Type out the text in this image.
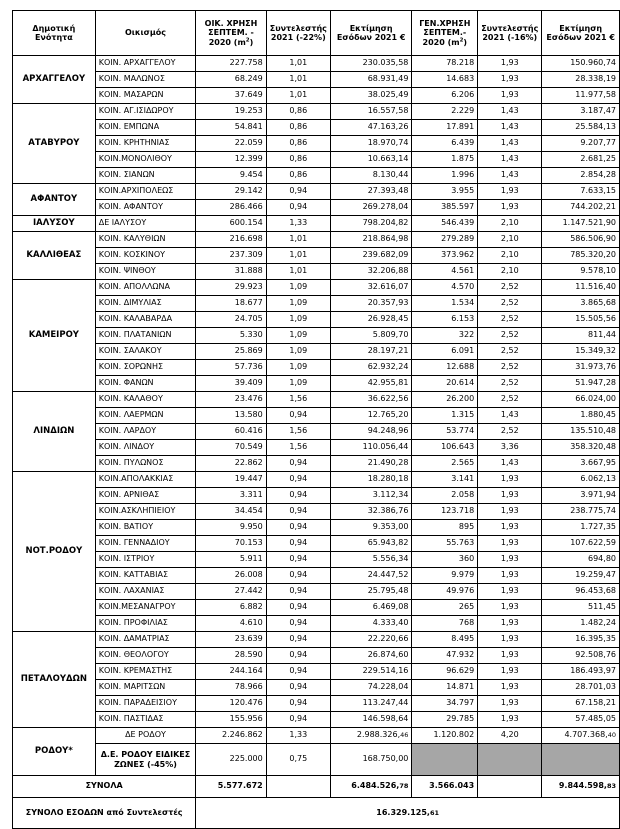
Δημοτική Ενότητα	Οικισμός	ΟΙΚ. ΧΡΗΣΗ ΣΕΠΤΕΜ. - 2020 $(m^2)$	Συντελεστής 2021 (-22%)	Εκτίμηση Εσόδων 2021 €	ΓΕΝ.ΧΡΗΣΗ ΣΕΠΤΕΜ.- 2020 $(m^2)$	Συντελεστής 2021 (-16%)	Εκτίμηση Εσόδων 2021 €
ΑΡΧΑΓΓΕΛΟΥ	ΚΟΙΝ. ΑΡΧΑΓΓΕΛΟΥ	227.758	1,01	230.035,58	78.218	1,93	150.960,74
	ΚΟΙΝ. ΜΑΛΩΝΟΣ	68.249	1,01	68.931,49	14.683	1,93	28.338,19
	ΚΟΙΝ. ΜΑΣΑΡΩΝ	37.649	1,01	38.025,49	6.206	1,93	11.977,58
ΑΤΑΒΥΡΟΥ	ΚΟΙΝ. ΑΓ.ΙΣΙΔΩΡΟΥ	19.253	0,86	16.557,58	2.229	1,43	3.187,47
	ΚΟΙΝ. ΕΜΠΩΝΑ	54.841	0,86	47.163,26	17.891	1,43	25.584,13
	ΚΟΙΝ. ΚΡΗΤΗΝΙΑΣ	22.059	0,86	18.970,74	6.439	1,43	9.207,77
	ΚΟΙΝ.ΜΟΝΟΛΙΘΟΥ	12.399	0,86	10.663,14	1.875	1,43	2.681,25
	ΚΟΙΝ. ΣΙΑΝΩΝ	9.454	0,86	8.130,44	1.996	1,43	2.854,28
ΑΦΑΝΤΟΥ	ΚΟΙΝ.ΑΡΧΙΠΟΛΕΩΣ	29.142	0,94	27.393,48	3.955	1,93	7.633,15
	ΚΟΙΝ. ΑΦΑΝΤΟΥ	286.466	0,94	269.278,04	385.597	1,93	744.202,21
ΙΑΛΥΣΟΥ	ΔΕ ΙΑΛΥΣΟΥ	600.154	1,33	798.204,82	546.439	2,10	1.147.521,90
ΚΑΛΛΙΘΕΑΣ	ΚΟΙΝ. ΚΑΛΥΘΙΩΝ	216.698	1,01	218.864,98	279.289	2,10	586.506,90
	ΚΟΙΝ. ΚΟΣΚΙΝΟΥ	237.309	1,01	239.682,09	373.962	2,10	785.320,20
	ΚΟΙΝ. ΨΙΝΘΟΥ	31.888	1,01	32.206,88	4.561	2,10	9.578,10
ΚΑΜΕΙΡΟΥ	ΚΟΙΝ. ΑΠΟΛΛΩΝΑ	29.923	1,09	32.616,07	4.570	2,52	11.516,40
	ΚΟΙΝ. ΔΙΜΥΛΙΑΣ	18.677	1,09	20.357,93	1.534	2,52	3.865,68
	ΚΟΙΝ. ΚΑΛΑΒΑΡΔΑ	24.705	1,09	26.928,45	6.153	2,52	15.505,56
	ΚΟΙΝ. ΠΛΑΤΑΝΙΩΝ	5.330	1,09	5.809,70	322	2,52	811,44
	ΚΟΙΝ. ΣΑΛΑΚΟΥ	25.869	1,09	28.197,21	6.091	2,52	15.349,32
	ΚΟΙΝ. ΣΟΡΩΝΗΣ	57.736	1,09	62.932,24	12.688	2,52	31.973,76
	ΚΟΙΝ. ΦΑΝΩΝ	39.409	1,09	42.955,81	20.614	2,52	51.947,28
ΛΙΝΔΙΩΝ	ΚΟΙΝ. ΚΑΛΑΘΟΥ	23.476	1,56	36.622,56	26.200	2,52	66.024,00
	ΚΟΙΝ. ΛΑΕΡΜΩΝ	13.580	0,94	12.765,20	1.315	1,43	1.880,45
	ΚΟΙΝ. ΛΑΡΔΟΥ	60.416	1,56	94.248,96	53.774	2,52	135.510,48
	ΚΟΙΝ. ΛΙΝΔΟΥ	70.549	1,56	110.056,44	106.643	3,36	358.320,48
	ΚΟΙΝ. ΠΥΛΩΝΟΣ	22.862	0,94	21.490,28	2.565	1,43	3.667,95
ΝΟΤ.ΡΟΔΟΥ	ΚΟΙΝ.ΑΠΟΛΑΚΚΙΑΣ	19.447	0,94	18.280,18	3.141	1,93	6.062,13
	ΚΟΙΝ. ΑΡΝΙΘΑΣ	3.311	0,94	3.112,34	2.058	1,93	3.971,94
	ΚΟΙΝ.ΑΣΚΛΗΠΙΕΙΟΥ	34.454	0,94	32.386,76	123.718	1,93	238.775,74
	ΚΟΙΝ. ΒΑΤΙΟΥ	9.950	0,94	9.353,00	895	1,93	1.727,35
	ΚΟΙΝ. ΓΕΝΝΑΔΙΟΥ	70.153	0,94	65.943,82	55.763	1,93	107.622,59
	ΚΟΙΝ. ΙΣΤΡΙΟΥ	5.911	0,94	5.556,34	360	1,93	694,80
	ΚΟΙΝ. ΚΑΤΤΑΒΙΑΣ	26.008	0,94	24.447,52	9.979	1,93	19.259,47
	ΚΟΙΝ. ΛΑΧΑΝΙΑΣ	27.442	0,94	25.795,48	49.976	1,93	96.453,68
	ΚΟΙΝ.ΜΕΣΑΝΑΓΡΟΥ	6.882	0,94	6.469,08	265	1,93	511,45
	ΚΟΙΝ. ΠΡΟΦΙΛΙΑΣ	4.610	0,94	4.333,40	768	1,93	1.482,24
ΠΕΤΑΛΟΥΔΩΝ	ΚΟΙΝ. ΔΑΜΑΤΡΙΑΣ	23.639	0,94	22.220,66	8.495	1,93	16.395,35
	ΚΟΙΝ. ΘΕΟΛΟΓΟΥ	28.590	0,94	26.874,60	47.932	1,93	92.508,76
	ΚΟΙΝ. ΚΡΕΜΑΣΤΗΣ	244.164	0,94	229.514,16	96.629	1,93	186.493,97
	ΚΟΙΝ. ΜΑΡΙΤΣΩΝ	78.966	0,94	74.228,04	14.871	1,93	28.701,03
	ΚΟΙΝ. ΠΑΡΑΔΕΙΣΙΟΥ	120.476	0,94	113.247,44	34.797	1,93	67.158,21
	ΚΟΙΝ. ΠΑΣΤΙΔΑΣ	155.956	0,94	146.598,64	29.785	1,93	57.485,05
ΡΟΔΟΥ*	ΔΕ ΡΟΔΟΥ	2.246.862	1,33	2.988.326,46	1.120.802	4,20	4.707.368,40
	Δ.Ε. ΡΟΔΟΥ ΕΙΔΙΚΕΣ ΖΩΝΕΣ (-45%)	225.000	0,75	168.750,00			
ΣΥΝΟΛΑ		5.577.672		6.484.526,78	3.566.043		9.844.598,83
ΣΥΝΟΛΟ ΕΣΟΔΩΝ από Συντελεστές		16.329.125,61					
